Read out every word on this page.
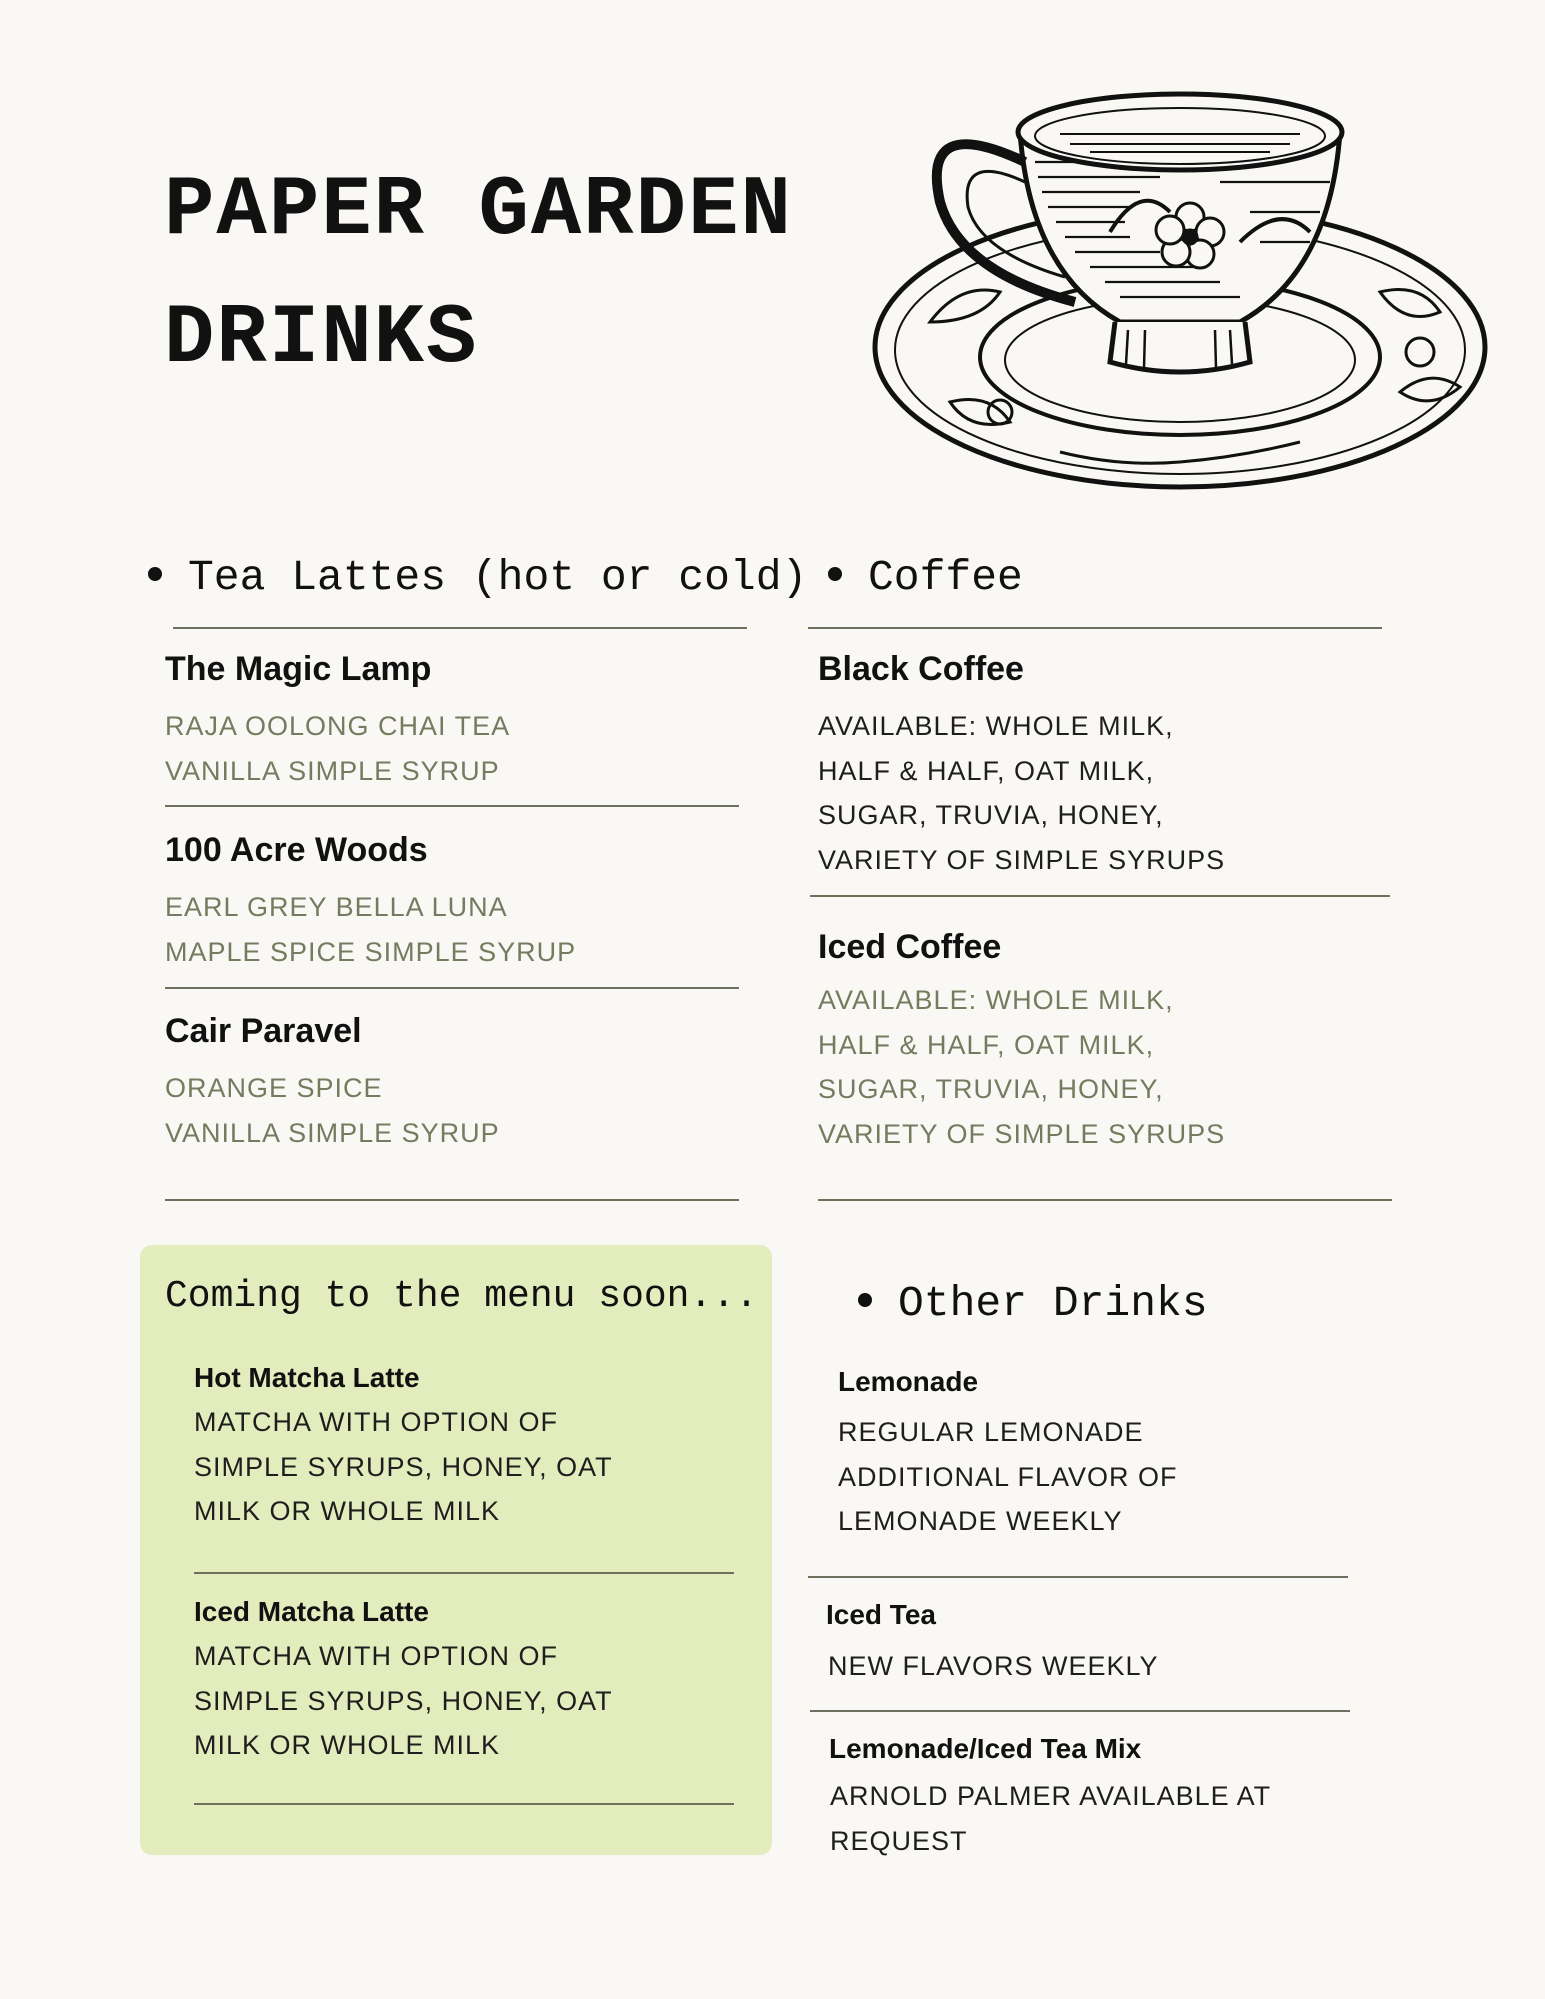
PAPER GARDEN
DRINKS
Tea Lattes (hot or cold)
The Magic Lamp
RAJA OOLONG CHAI TEA
VANILLA SIMPLE SYRUP
100 Acre Woods
EARL GREY BELLA LUNA
MAPLE SPICE SIMPLE SYRUP
Cair Paravel
ORANGE SPICE
VANILLA SIMPLE SYRUP
Coffee
Black Coffee
AVAILABLE: WHOLE MILK,
HALF & HALF, OAT MILK,
SUGAR, TRUVIA, HONEY,
VARIETY OF SIMPLE SYRUPS
Iced Coffee
AVAILABLE: WHOLE MILK,
HALF & HALF, OAT MILK,
SUGAR, TRUVIA, HONEY,
VARIETY OF SIMPLE SYRUPS
Coming to the menu soon...
Hot Matcha Latte
MATCHA WITH OPTION OF
SIMPLE SYRUPS, HONEY, OAT
MILK OR WHOLE MILK
Iced Matcha Latte
MATCHA WITH OPTION OF
SIMPLE SYRUPS, HONEY, OAT
MILK OR WHOLE MILK
Other Drinks
Lemonade
REGULAR LEMONADE
ADDITIONAL FLAVOR OF
LEMONADE WEEKLY
Iced Tea
NEW FLAVORS WEEKLY
Lemonade/Iced Tea Mix
ARNOLD PALMER AVAILABLE AT
REQUEST
